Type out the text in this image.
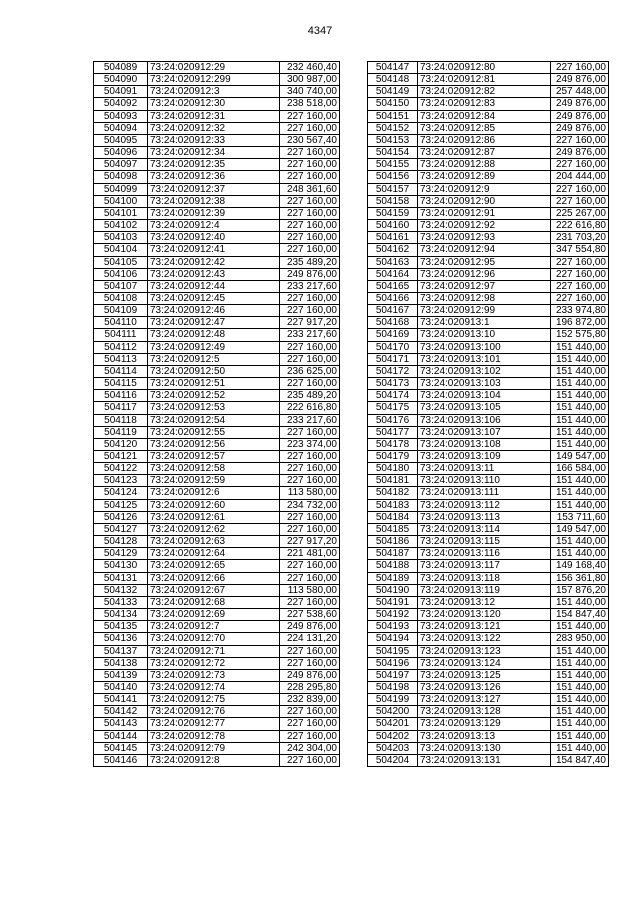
4347
504089	73:24:020912:29	232 460,40
504090	73:24:020912:299	300 987,00
504091	73:24:020912:3	340 740,00
504092	73:24:020912:30	238 518,00
504093	73:24:020912:31	227 160,00
504094	73:24:020912:32	227 160,00
504095	73:24:020912:33	230 567,40
504096	73:24:020912:34	227 160,00
504097	73:24:020912:35	227 160,00
504098	73:24:020912:36	227 160,00
504099	73:24:020912:37	248 361,60
504100	73:24:020912:38	227 160,00
504101	73:24:020912:39	227 160,00
504102	73:24:020912:4	227 160,00
504103	73:24:020912:40	227 160,00
504104	73:24:020912:41	227 160,00
504105	73:24:020912:42	235 489,20
504106	73:24:020912:43	249 876,00
504107	73:24:020912:44	233 217,60
504108	73:24:020912:45	227 160,00
504109	73:24:020912:46	227 160,00
504110	73:24:020912:47	227 917,20
504111	73:24:020912:48	233 217,60
504112	73:24:020912:49	227 160,00
504113	73:24:020912:5	227 160,00
504114	73:24:020912:50	236 625,00
504115	73:24:020912:51	227 160,00
504116	73:24:020912:52	235 489,20
504117	73:24:020912:53	222 616,80
504118	73:24:020912:54	233 217,60
504119	73:24:020912:55	227 160,00
504120	73:24:020912:56	223 374,00
504121	73:24:020912:57	227 160,00
504122	73:24:020912:58	227 160,00
504123	73:24:020912:59	227 160,00
504124	73:24:020912:6	113 580,00
504125	73:24:020912:60	234 732,00
504126	73:24:020912:61	227 160,00
504127	73:24:020912:62	227 160,00
504128	73:24:020912:63	227 917,20
504129	73:24:020912:64	221 481,00
504130	73:24:020912:65	227 160,00
504131	73:24:020912:66	227 160,00
504132	73:24:020912:67	113 580,00
504133	73:24:020912:68	227 160,00
504134	73:24:020912:69	227 538,60
504135	73:24:020912:7	249 876,00
504136	73:24:020912:70	224 131,20
504137	73:24:020912:71	227 160,00
504138	73:24:020912:72	227 160,00
504139	73:24:020912:73	249 876,00
504140	73:24:020912:74	228 295,80
504141	73:24:020912:75	232 839,00
504142	73:24:020912:76	227 160,00
504143	73:24:020912:77	227 160,00
504144	73:24:020912:78	227 160,00
504145	73:24:020912:79	242 304,00
504146	73:24:020912:8	227 160,00
504147	73:24:020912:80	227 160,00
504148	73:24:020912:81	249 876,00
504149	73:24:020912:82	257 448,00
504150	73:24:020912:83	249 876,00
504151	73:24:020912:84	249 876,00
504152	73:24:020912:85	249 876,00
504153	73:24:020912:86	227 160,00
504154	73:24:020912:87	249 876,00
504155	73:24:020912:88	227 160,00
504156	73:24:020912:89	204 444,00
504157	73:24:020912:9	227 160,00
504158	73:24:020912:90	227 160,00
504159	73:24:020912:91	225 267,00
504160	73:24:020912:92	222 616,80
504161	73:24:020912:93	231 703,20
504162	73:24:020912:94	347 554,80
504163	73:24:020912:95	227 160,00
504164	73:24:020912:96	227 160,00
504165	73:24:020912:97	227 160,00
504166	73:24:020912:98	227 160,00
504167	73:24:020912:99	233 974,80
504168	73:24:020913:1	196 872,00
504169	73:24:020913:10	152 575,80
504170	73:24:020913:100	151 440,00
504171	73:24:020913:101	151 440,00
504172	73:24:020913:102	151 440,00
504173	73:24:020913:103	151 440,00
504174	73:24:020913:104	151 440,00
504175	73:24:020913:105	151 440,00
504176	73:24:020913:106	151 440,00
504177	73:24:020913:107	151 440,00
504178	73:24:020913:108	151 440,00
504179	73:24:020913:109	149 547,00
504180	73:24:020913:11	166 584,00
504181	73:24:020913:110	151 440,00
504182	73:24:020913:111	151 440,00
504183	73:24:020913:112	151 440,00
504184	73:24:020913:113	153 711,60
504185	73:24:020913:114	149 547,00
504186	73:24:020913:115	151 440,00
504187	73:24:020913:116	151 440,00
504188	73:24:020913:117	149 168,40
504189	73:24:020913:118	156 361,80
504190	73:24:020913:119	157 876,20
504191	73:24:020913:12	151 440,00
504192	73:24:020913:120	154 847,40
504193	73:24:020913:121	151 440,00
504194	73:24:020913:122	283 950,00
504195	73:24:020913:123	151 440,00
504196	73:24:020913:124	151 440,00
504197	73:24:020913:125	151 440,00
504198	73:24:020913:126	151 440,00
504199	73:24:020913:127	151 440,00
504200	73:24:020913:128	151 440,00
504201	73:24:020913:129	151 440,00
504202	73:24:020913:13	151 440,00
504203	73:24:020913:130	151 440,00
504204	73:24:020913:131	154 847,40
